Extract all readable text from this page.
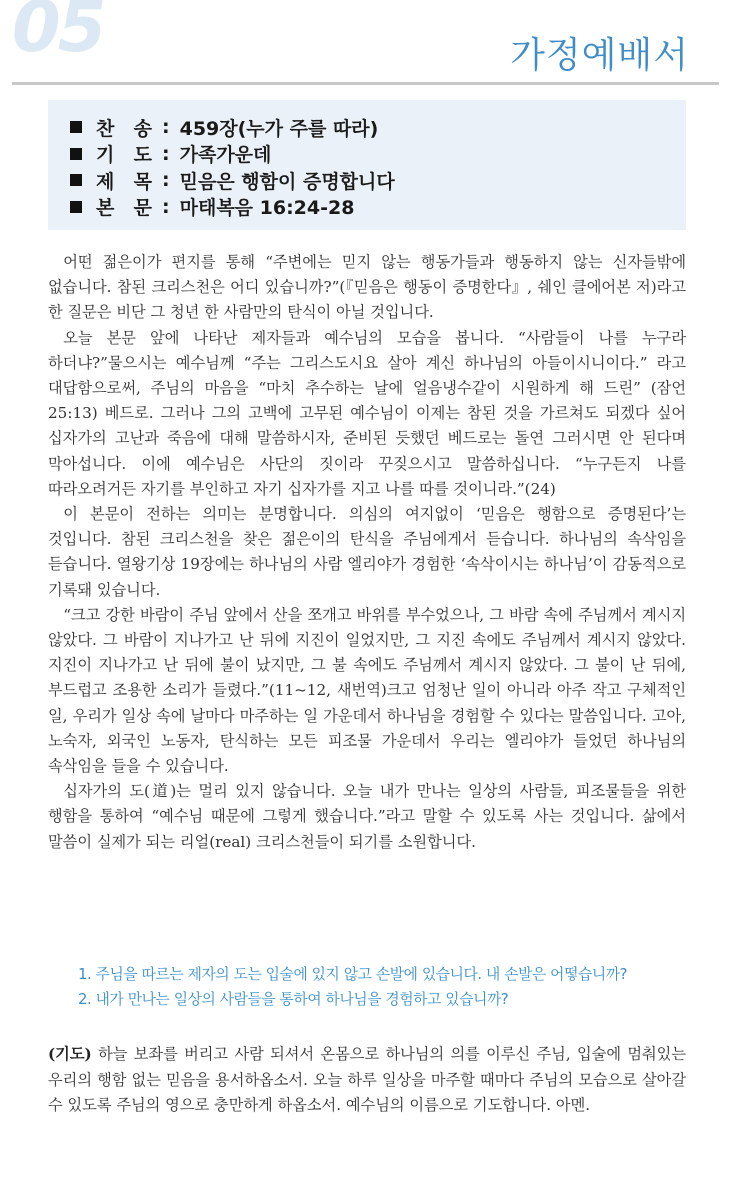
05	가정예배서
찬 송 : 459장(누가 주를 따라)
기 도 : 가족가운데
제 목 : 믿음은 행함이 증명합니다
본 문 : 마태복음 16:24-28

어떤 젊은이가 편지를 통해 “주변에는 믿지 않는 행동가들과 행동하지 않는 신자들밖에 없습니다. 참된 크리스천은 어디 있습니까?”(『믿음은 행동이 증명한다』, 쉐인 클에어본 저)라고 한 질문은 비단 그 청년 한 사람만의 탄식이 아닐 것입니다.

오늘 본문 앞에 나타난 제자들과 예수님의 모습을 봅니다. “사람들이 나를 누구라 하더냐?”물으시는 예수님께 “주는 그리스도시요 살아 계신 하나님의 아들이시니이다.” 라고 대답함으로써, 주님의 마음을 “마치 추수하는 날에 얼음냉수같이 시원하게 해 드린” (잠언 25:13) 베드로. 그러나 그의 고백에 고무된 예수님이 이제는 참된 것을 가르쳐도 되겠다 싶어 십자가의 고난과 죽음에 대해 말씀하시자, 준비된 듯했던 베드로는 돌연 그러시면 안 된다며 막아섭니다. 이에 예수님은 사단의 짓이라 꾸짖으시고 말씀하십니다. “누구든지 나를 따라오려거든 자기를 부인하고 자기 십자가를 지고 나를 따를 것이니라.”(24)

이 본문이 전하는 의미는 분명합니다. 의심의 여지없이 ‘믿음은 행함으로 증명된다’는 것입니다. 참된 크리스천을 찾은 젊은이의 탄식을 주님에게서 듣습니다. 하나님의 속삭임을 듣습니다. 열왕기상 19장에는 하나님의 사람 엘리야가 경험한 ‘속삭이시는 하나님’이 감동적으로 기록돼 있습니다.

“크고 강한 바람이 주님 앞에서 산을 쪼개고 바위를 부수었으나, 그 바람 속에 주님께서 계시지 않았다. 그 바람이 지나가고 난 뒤에 지진이 일었지만, 그 지진 속에도 주님께서 계시지 않았다. 지진이 지나가고 난 뒤에 불이 났지만, 그 불 속에도 주님께서 계시지 않았다. 그 불이 난 뒤에, 부드럽고 조용한 소리가 들렸다.”(11~12, 새번역)크고 엄청난 일이 아니라 아주 작고 구체적인 일, 우리가 일상 속에 날마다 마주하는 일 가운데서 하나님을 경험할 수 있다는 말씀입니다. 고아, 노숙자, 외국인 노동자, 탄식하는 모든 피조물 가운데서 우리는 엘리야가 들었던 하나님의 속삭임을 들을 수 있습니다.

십자가의 도(道)는 멀리 있지 않습니다. 오늘 내가 만나는 일상의 사람들, 피조물들을 위한 행함을 통하여 “예수님 때문에 그렇게 했습니다.”라고 말할 수 있도록 사는 것입니다. 삶에서 말씀이 실제가 되는 리얼(real) 크리스천들이 되기를 소원합니다.

1. 주님을 따르는 제자의 도는 입술에 있지 않고 손발에 있습니다. 내 손발은 어떻습니까?
2. 내가 만나는 일상의 사람들을 통하여 하나님을 경험하고 있습니까?
(기도) 하늘 보좌를 버리고 사람 되셔서 온몸으로 하나님의 의를 이루신 주님, 입술에 멈춰있는 우리의 행함 없는 믿음을 용서하옵소서. 오늘 하루 일상을 마주할 때마다 주님의 모습으로 살아갈 수 있도록 주님의 영으로 충만하게 하옵소서. 예수님의 이름으로 기도합니다. 아멘.
